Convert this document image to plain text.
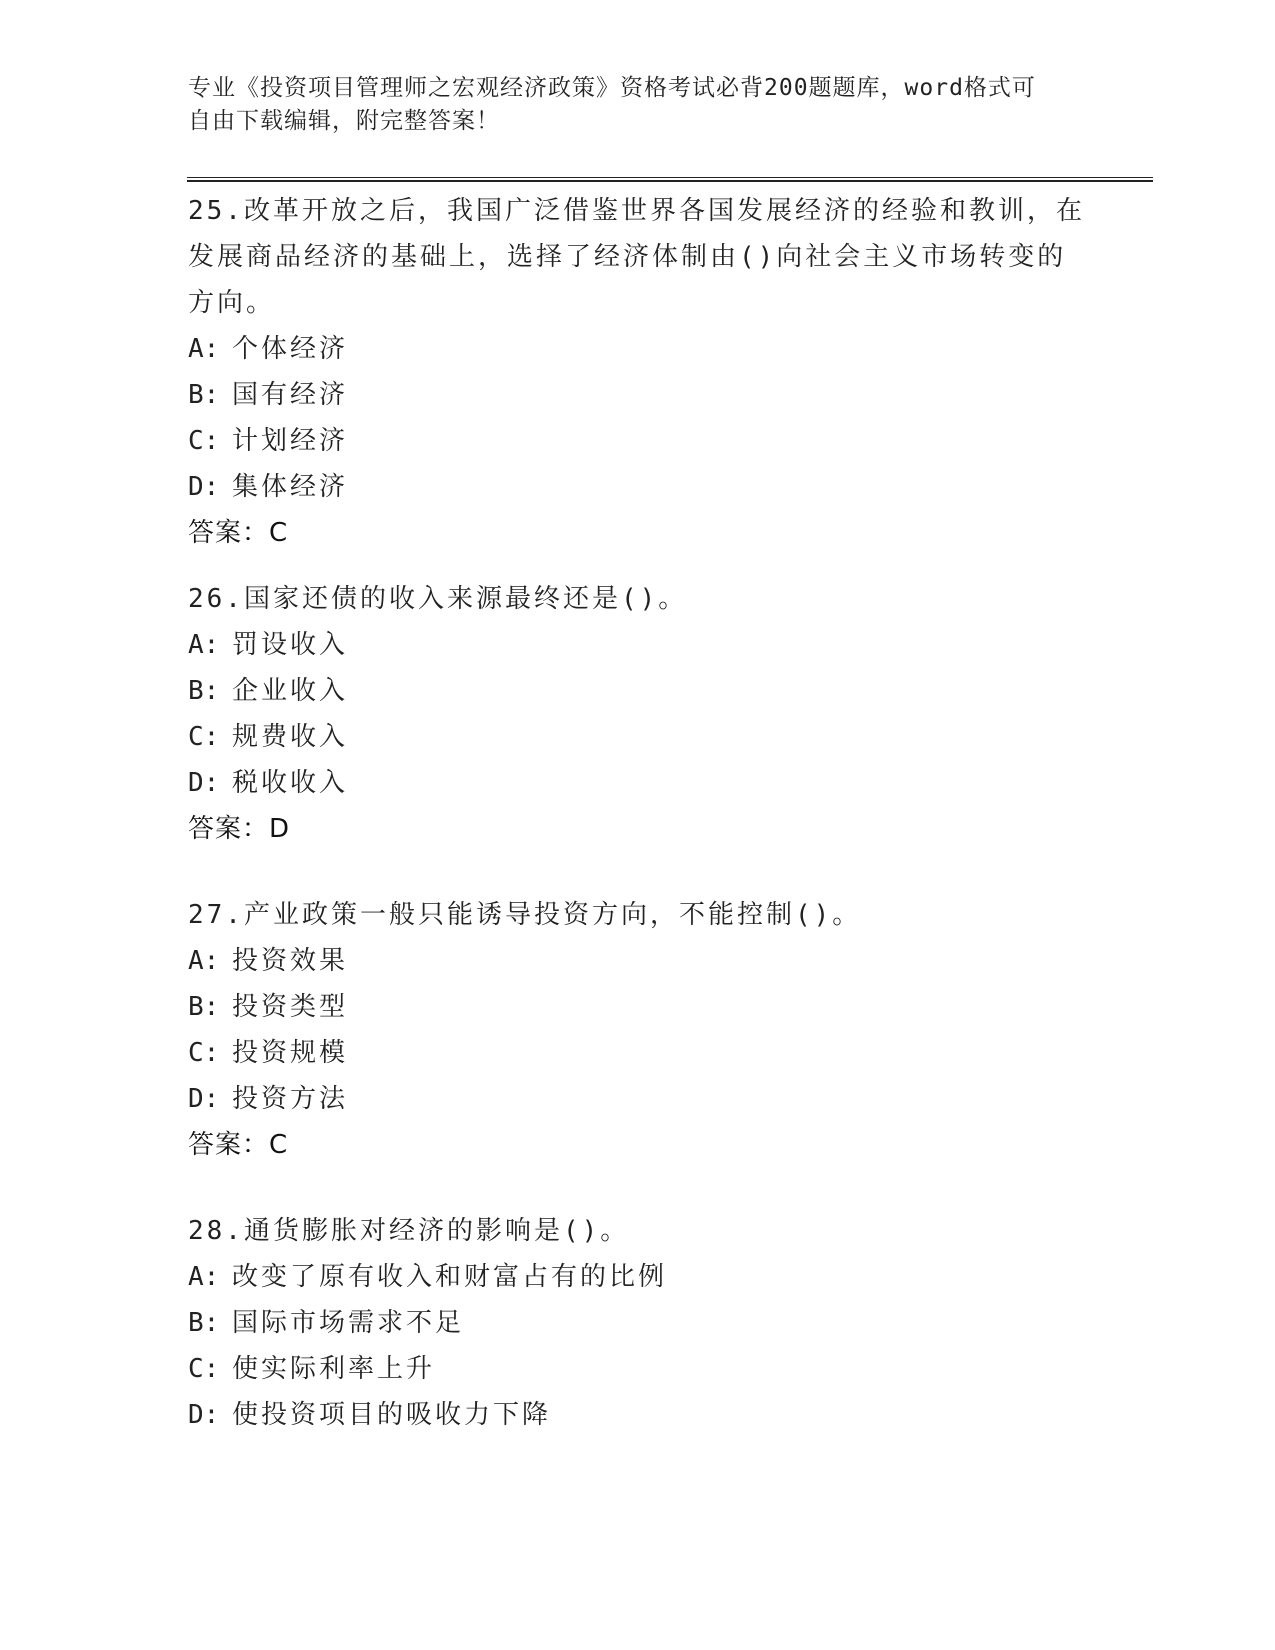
专业《投资项目管理师之宏观经济政策》资格考试必背200题题库，word格式可
自由下载编辑，附完整答案！
25.改革开放之后，我国广泛借鉴世界各国发展经济的经验和教训，在
发展商品经济的基础上，选择了经济体制由()向社会主义市场转变的
方向。
A: 个体经济
B: 国有经济
C: 计划经济
D: 集体经济
答案：C
26.国家还债的收入来源最终还是()。
A: 罚设收入
B: 企业收入
C: 规费收入
D: 税收收入
答案：D
27.产业政策一般只能诱导投资方向，不能控制()。
A: 投资效果
B: 投资类型
C: 投资规模
D: 投资方法
答案：C
28.通货膨胀对经济的影响是()。
A: 改变了原有收入和财富占有的比例
B: 国际市场需求不足
C: 使实际利率上升
D: 使投资项目的吸收力下降
